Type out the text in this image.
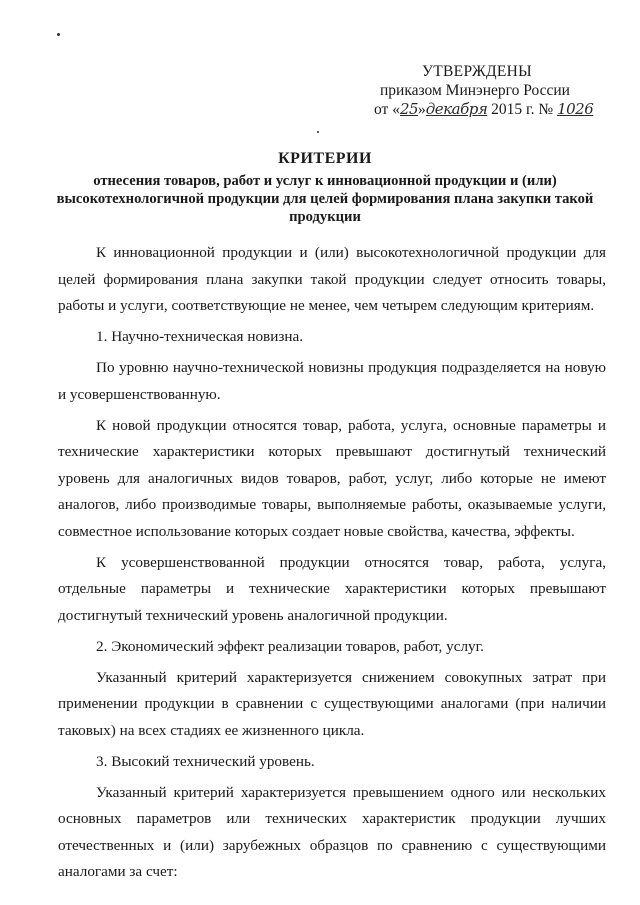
УТВЕРЖДЕНЫ
приказом Минэнерго России
от «25»декабря 2015 г. № 1026
КРИТЕРИИ
отнесения товаров, работ и услуг к инновационной продукции и (или) высокотехнологичной продукции для целей формирования плана закупки такой продукции

К инновационной продукции и (или) высокотехнологичной продукции для целей формирования плана закупки такой продукции следует относить товары, работы и услуги, соответствующие не менее, чем четырем следующим критериям.

1. Научно-техническая новизна.

По уровню научно-технической новизны продукция подразделяется на новую и усовершенствованную.

К новой продукции относятся товар, работа, услуга, основные параметры и технические характеристики которых превышают достигнутый технический уровень для аналогичных видов товаров, работ, услуг, либо которые не имеют аналогов, либо производимые товары, выполняемые работы, оказываемые услуги, совместное использование которых создает новые свойства, качества, эффекты.

К усовершенствованной продукции относятся товар, работа, услуга, отдельные параметры и технические характеристики которых превышают достигнутый технический уровень аналогичной продукции.

2. Экономический эффект реализации товаров, работ, услуг.

Указанный критерий характеризуется снижением совокупных затрат при применении продукции в сравнении с существующими аналогами (при наличии таковых) на всех стадиях ее жизненного цикла.

3. Высокий технический уровень.

Указанный критерий характеризуется превышением одного или нескольких основных параметров или технических характеристик продукции лучших отечественных и (или) зарубежных образцов по сравнению с существующими аналогами за счет:
